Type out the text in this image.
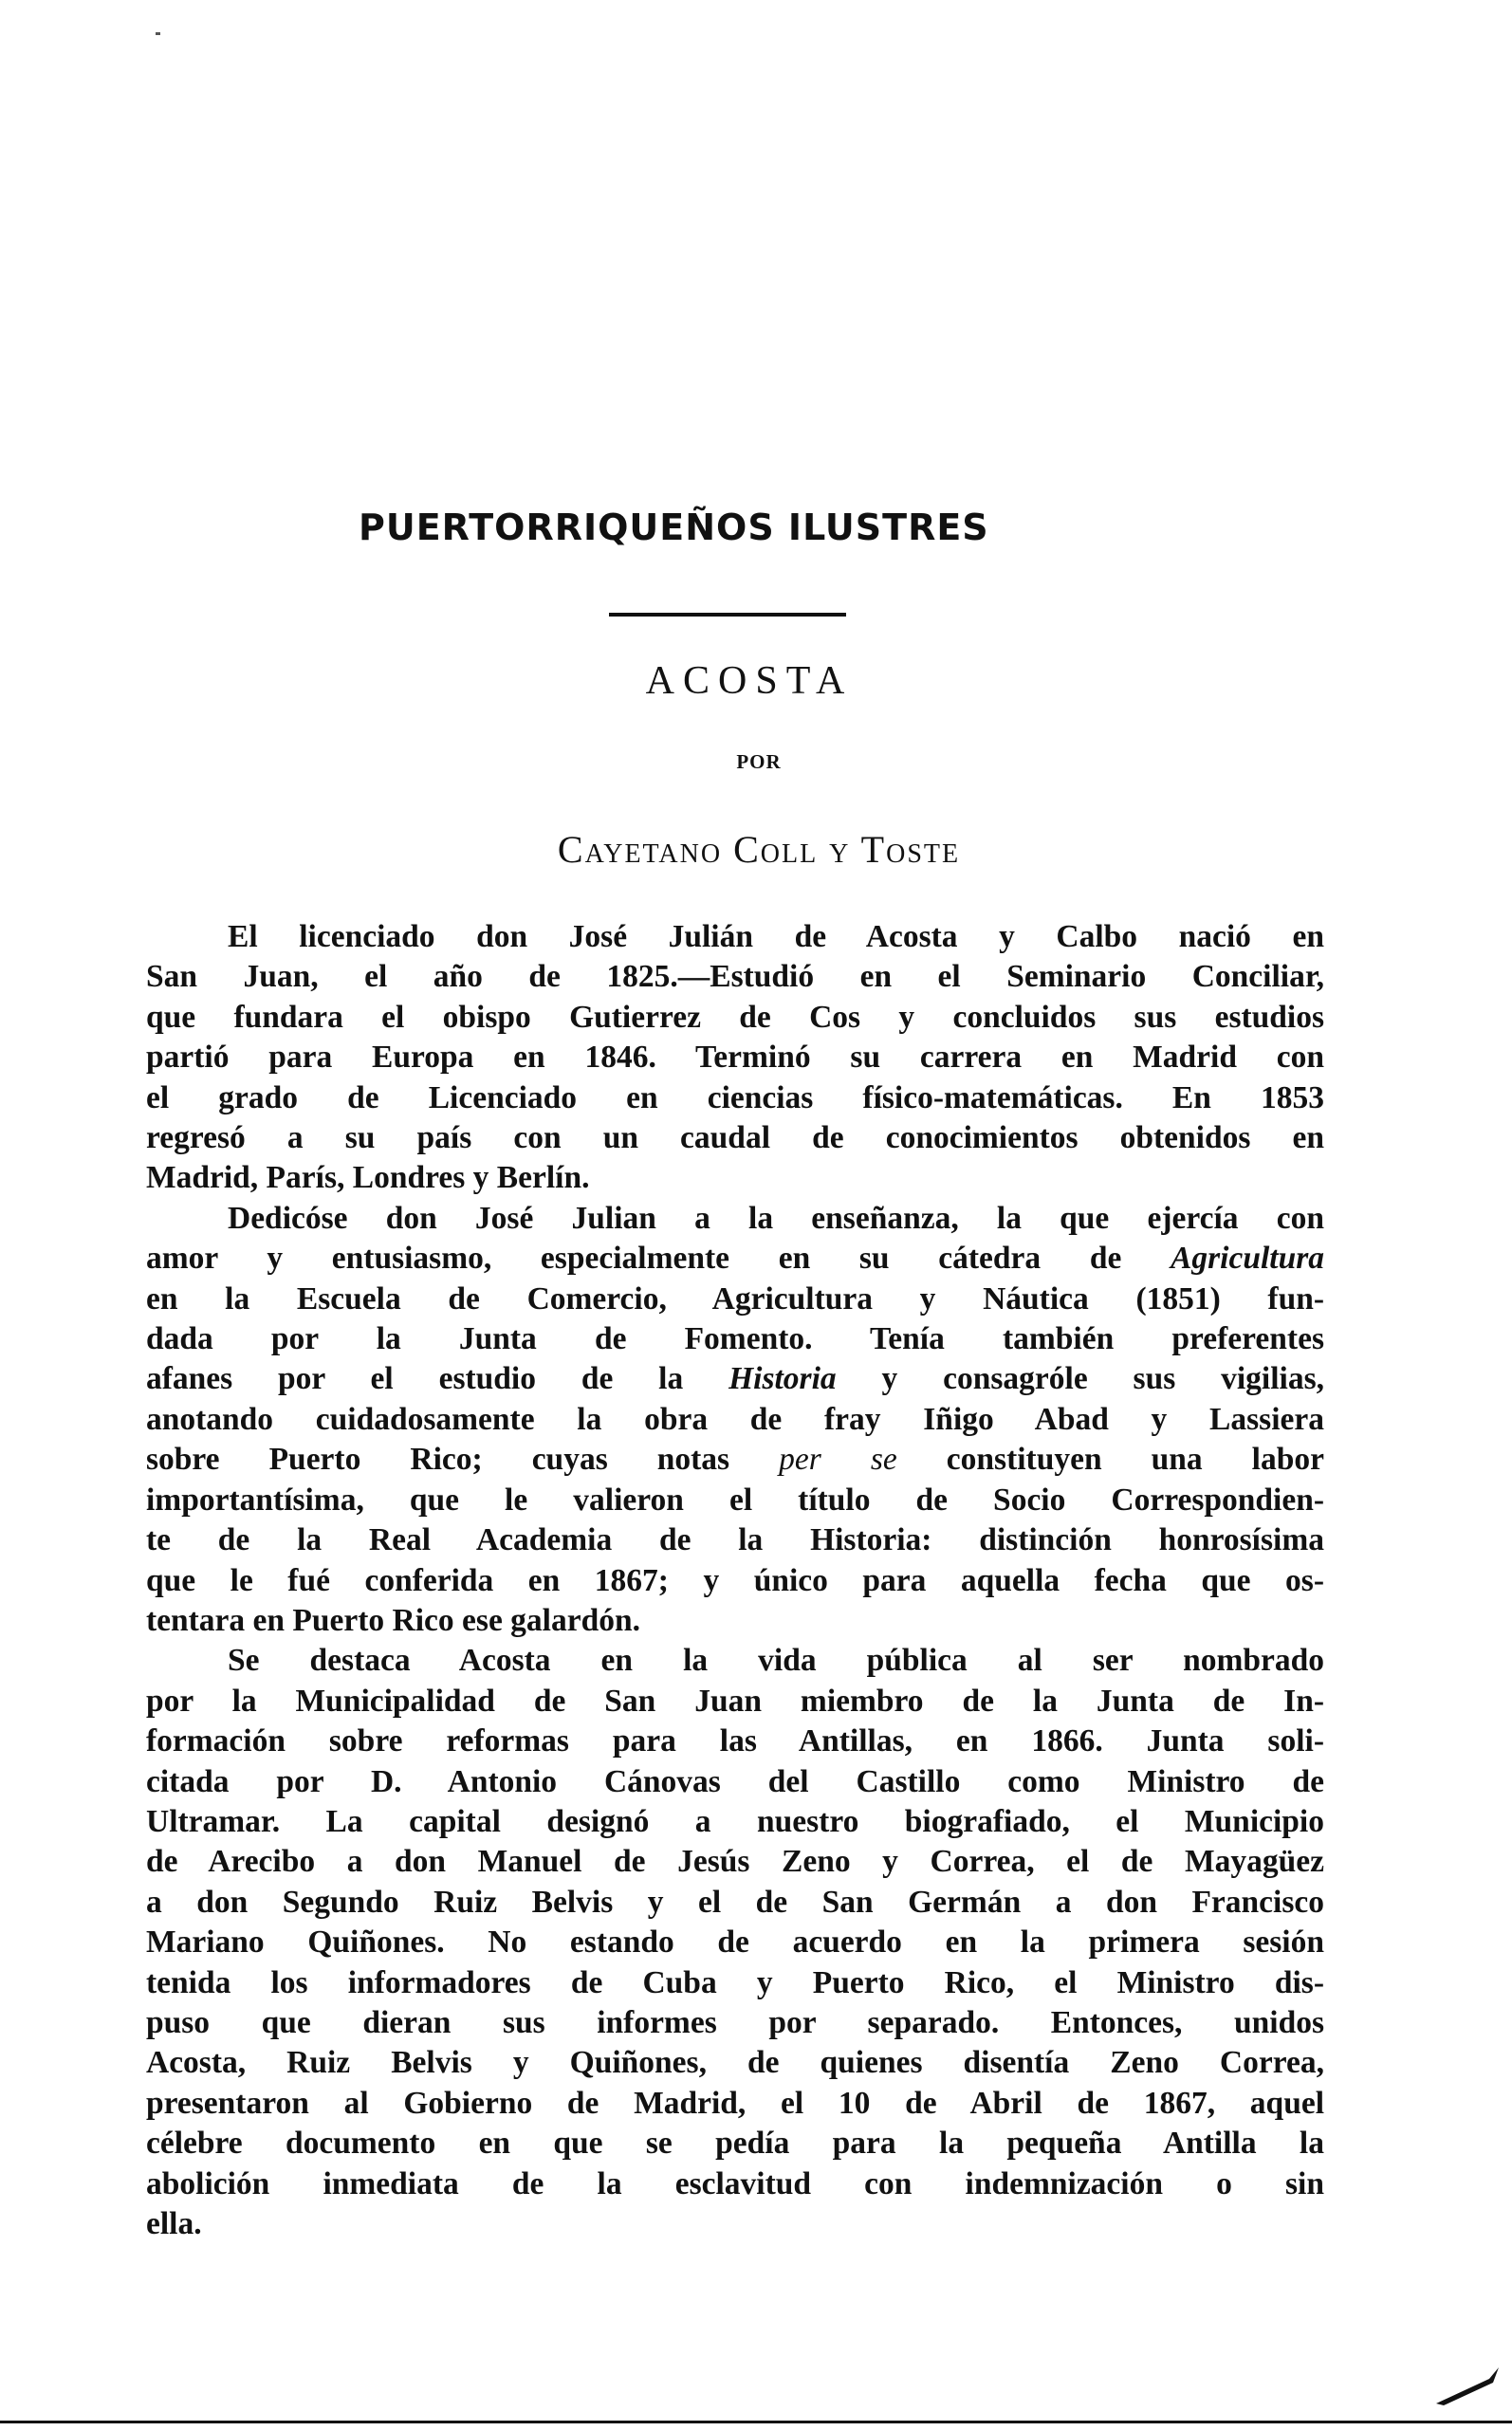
PUERTORRIQUEÑOS ILUSTRES
ACOSTA
POR
Cayetano Coll y Toste

El licenciado don José Julián de Acosta y Calbo nació en
San Juan, el año de 1825.—Estudió en el Seminario Conciliar,
que fundara el obispo Gutierrez de Cos y concluidos sus estudios
partió para Europa en 1846. Terminó su carrera en Madrid con
el grado de Licenciado en ciencias físico-matemáticas. En 1853
regresó a su país con un caudal de conocimientos obtenidos en
Madrid, París, Londres y Berlín.

Dedicóse don José Julian a la enseñanza, la que ejercía con
amor y entusiasmo, especialmente en su cátedra de Agricultura
en la Escuela de Comercio, Agricultura y Náutica (1851) fun-
dada por la Junta de Fomento. Tenía también preferentes
afanes por el estudio de la Historia y consagróle sus vigilias,
anotando cuidadosamente la obra de fray Iñigo Abad y Lassiera
sobre Puerto Rico; cuyas notas per se constituyen una labor
importantísima, que le valieron el título de Socio Correspondien-
te de la Real Academia de la Historia: distinción honrosísima
que le fué conferida en 1867; y único para aquella fecha que os-
tentara en Puerto Rico ese galardón.

Se destaca Acosta en la vida pública al ser nombrado
por la Municipalidad de San Juan miembro de la Junta de In-
formación sobre reformas para las Antillas, en 1866. Junta soli-
citada por D. Antonio Cánovas del Castillo como Ministro de
Ultramar. La capital designó a nuestro biografiado, el Municipio
de Arecibo a don Manuel de Jesús Zeno y Correa, el de Mayagüez
a don Segundo Ruiz Belvis y el de San Germán a don Francisco
Mariano Quiñones. No estando de acuerdo en la primera sesión
tenida los informadores de Cuba y Puerto Rico, el Ministro dis-
puso que dieran sus informes por separado. Entonces, unidos
Acosta, Ruiz Belvis y Quiñones, de quienes disentía Zeno Correa,
presentaron al Gobierno de Madrid, el 10 de Abril de 1867, aquel
célebre documento en que se pedía para la pequeña Antilla la
abolición inmediata de la esclavitud con indemnización o sin
ella.
